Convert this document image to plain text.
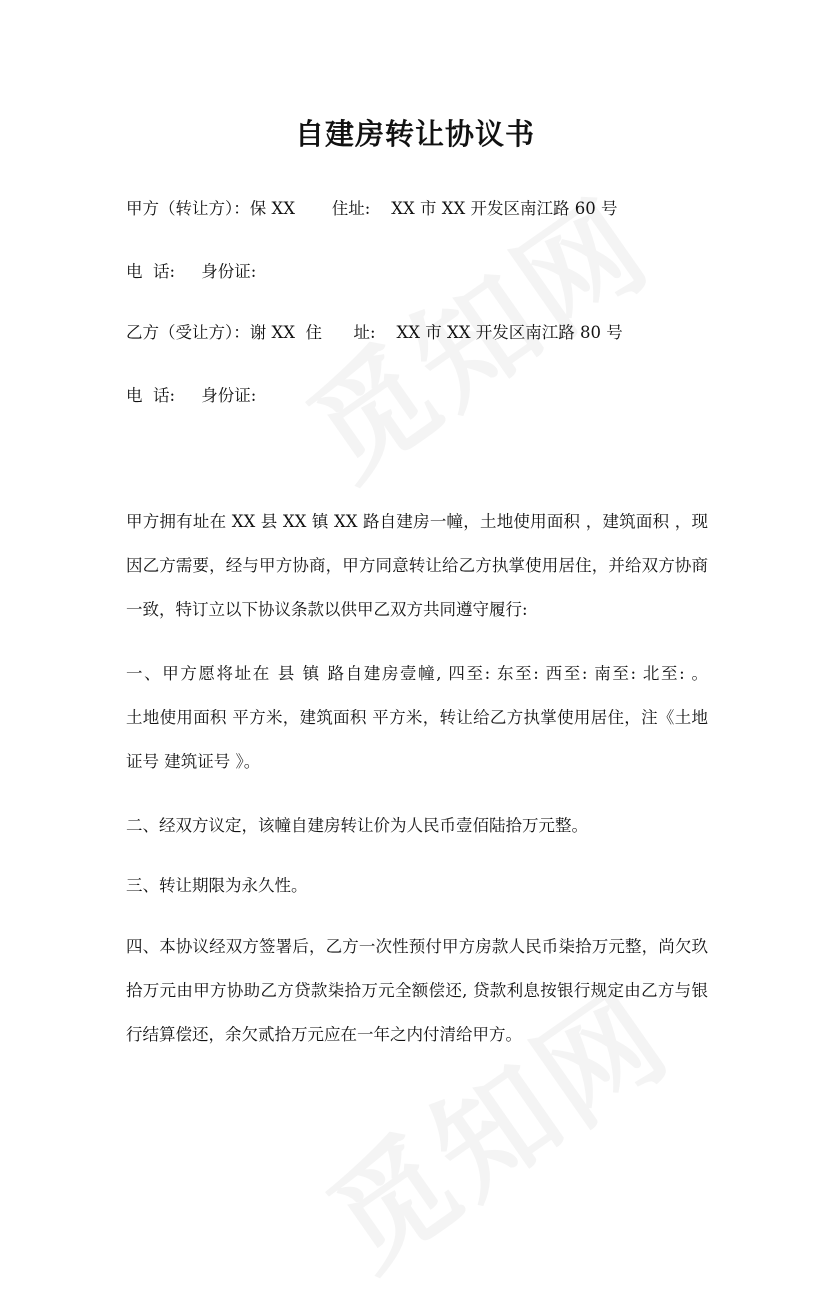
自建房转让协议书
甲方（转让方）：保 XX       住址:    XX 市 XX 开发区南江路 60 号
电  话:     身份证:
乙方（受让方）：谢 XX  住      址:    XX 市 XX 开发区南江路 80 号
电  话:     身份证:
甲方拥有址在 XX 县 XX 镇 XX 路自建房一幢，土地使用面积 ，建筑面积 ，现
因乙方需要，经与甲方协商，甲方同意转让给乙方执掌使用居住，并给双方协商
一致，特订立以下协议条款以供甲乙双方共同遵守履行:
一、甲方愿将址在 县 镇 路自建房壹幢, 四至: 东至: 西至: 南至: 北至: 。
土地使用面积 平方米，建筑面积 平方米，转让给乙方执掌使用居住，注《土地
证号 建筑证号 》。
二、经双方议定，该幢自建房转让价为人民币壹佰陆拾万元整。
三、转让期限为永久性。
四、本协议经双方签署后，乙方一次性预付甲方房款人民币柒拾万元整，尚欠玖
拾万元由甲方协助乙方贷款柒拾万元全额偿还, 贷款利息按银行规定由乙方与银
行结算偿还，余欠贰拾万元应在一年之内付清给甲方。
